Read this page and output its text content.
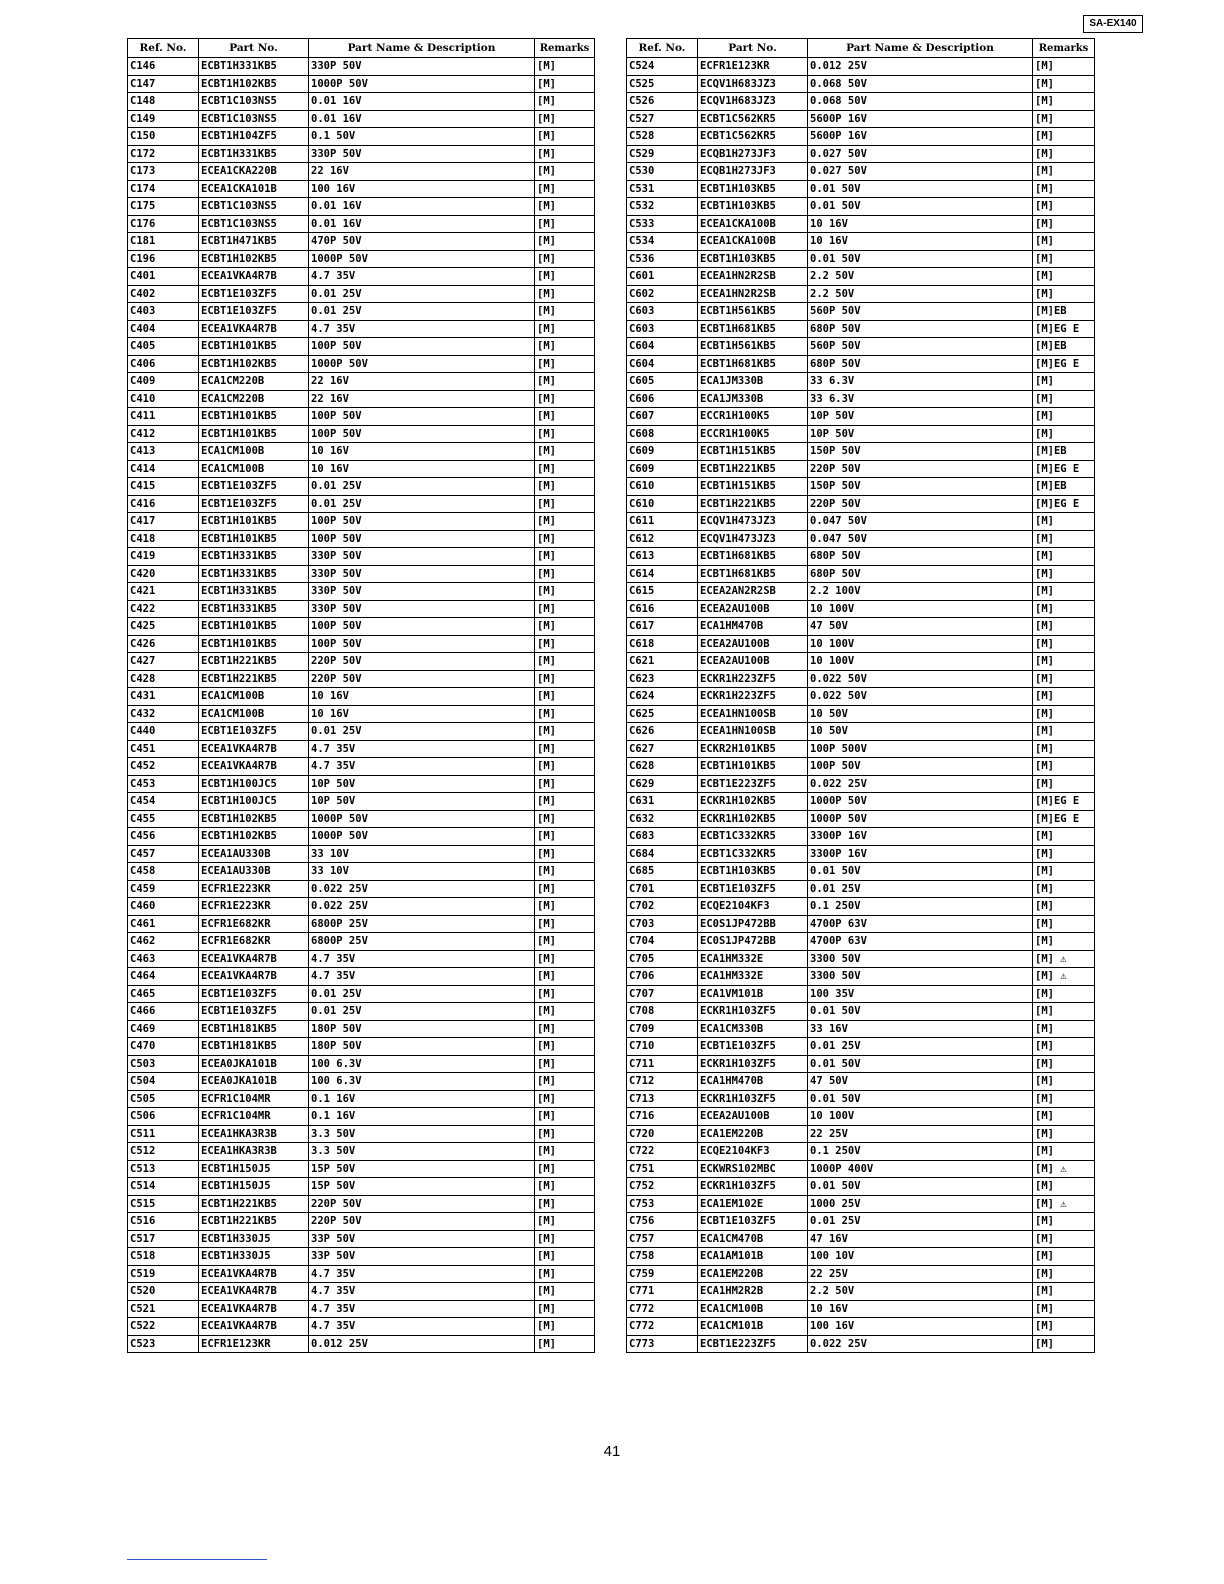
SA-EX140
Ref. No.	Part No.	Part Name & Description	Remarks
C146	ECBT1H331KB5	330P 50V	[M]
C147	ECBT1H102KB5	1000P 50V	[M]
C148	ECBT1C103NS5	0.01 16V	[M]
C149	ECBT1C103NS5	0.01 16V	[M]
C150	ECBT1H104ZF5	0.1 50V	[M]
C172	ECBT1H331KB5	330P 50V	[M]
C173	ECEA1CKA220B	22 16V	[M]
C174	ECEA1CKA101B	100 16V	[M]
C175	ECBT1C103NS5	0.01 16V	[M]
C176	ECBT1C103NS5	0.01 16V	[M]
C181	ECBT1H471KB5	470P 50V	[M]
C196	ECBT1H102KB5	1000P 50V	[M]
C401	ECEA1VKA4R7B	4.7 35V	[M]
C402	ECBT1E103ZF5	0.01 25V	[M]
C403	ECBT1E103ZF5	0.01 25V	[M]
C404	ECEA1VKA4R7B	4.7 35V	[M]
C405	ECBT1H101KB5	100P 50V	[M]
C406	ECBT1H102KB5	1000P 50V	[M]
C409	ECA1CM220B	22 16V	[M]
C410	ECA1CM220B	22 16V	[M]
C411	ECBT1H101KB5	100P 50V	[M]
C412	ECBT1H101KB5	100P 50V	[M]
C413	ECA1CM100B	10 16V	[M]
C414	ECA1CM100B	10 16V	[M]
C415	ECBT1E103ZF5	0.01 25V	[M]
C416	ECBT1E103ZF5	0.01 25V	[M]
C417	ECBT1H101KB5	100P 50V	[M]
C418	ECBT1H101KB5	100P 50V	[M]
C419	ECBT1H331KB5	330P 50V	[M]
C420	ECBT1H331KB5	330P 50V	[M]
C421	ECBT1H331KB5	330P 50V	[M]
C422	ECBT1H331KB5	330P 50V	[M]
C425	ECBT1H101KB5	100P 50V	[M]
C426	ECBT1H101KB5	100P 50V	[M]
C427	ECBT1H221KB5	220P 50V	[M]
C428	ECBT1H221KB5	220P 50V	[M]
C431	ECA1CM100B	10 16V	[M]
C432	ECA1CM100B	10 16V	[M]
C440	ECBT1E103ZF5	0.01 25V	[M]
C451	ECEA1VKA4R7B	4.7 35V	[M]
C452	ECEA1VKA4R7B	4.7 35V	[M]
C453	ECBT1H100JC5	10P 50V	[M]
C454	ECBT1H100JC5	10P 50V	[M]
C455	ECBT1H102KB5	1000P 50V	[M]
C456	ECBT1H102KB5	1000P 50V	[M]
C457	ECEA1AU330B	33 10V	[M]
C458	ECEA1AU330B	33 10V	[M]
C459	ECFR1E223KR	0.022 25V	[M]
C460	ECFR1E223KR	0.022 25V	[M]
C461	ECFR1E682KR	6800P 25V	[M]
C462	ECFR1E682KR	6800P 25V	[M]
C463	ECEA1VKA4R7B	4.7 35V	[M]
C464	ECEA1VKA4R7B	4.7 35V	[M]
C465	ECBT1E103ZF5	0.01 25V	[M]
C466	ECBT1E103ZF5	0.01 25V	[M]
C469	ECBT1H181KB5	180P 50V	[M]
C470	ECBT1H181KB5	180P 50V	[M]
C503	ECEA0JKA101B	100 6.3V	[M]
C504	ECEA0JKA101B	100 6.3V	[M]
C505	ECFR1C104MR	0.1 16V	[M]
C506	ECFR1C104MR	0.1 16V	[M]
C511	ECEA1HKA3R3B	3.3 50V	[M]
C512	ECEA1HKA3R3B	3.3 50V	[M]
C513	ECBT1H150J5	15P 50V	[M]
C514	ECBT1H150J5	15P 50V	[M]
C515	ECBT1H221KB5	220P 50V	[M]
C516	ECBT1H221KB5	220P 50V	[M]
C517	ECBT1H330J5	33P 50V	[M]
C518	ECBT1H330J5	33P 50V	[M]
C519	ECEA1VKA4R7B	4.7 35V	[M]
C520	ECEA1VKA4R7B	4.7 35V	[M]
C521	ECEA1VKA4R7B	4.7 35V	[M]
C522	ECEA1VKA4R7B	4.7 35V	[M]
C523	ECFR1E123KR	0.012 25V	[M]
Ref. No.	Part No.	Part Name & Description	Remarks
C524	ECFR1E123KR	0.012 25V	[M]
C525	ECQV1H683JZ3	0.068 50V	[M]
C526	ECQV1H683JZ3	0.068 50V	[M]
C527	ECBT1C562KR5	5600P 16V	[M]
C528	ECBT1C562KR5	5600P 16V	[M]
C529	ECQB1H273JF3	0.027 50V	[M]
C530	ECQB1H273JF3	0.027 50V	[M]
C531	ECBT1H103KB5	0.01 50V	[M]
C532	ECBT1H103KB5	0.01 50V	[M]
C533	ECEA1CKA100B	10 16V	[M]
C534	ECEA1CKA100B	10 16V	[M]
C536	ECBT1H103KB5	0.01 50V	[M]
C601	ECEA1HN2R2SB	2.2 50V	[M]
C602	ECEA1HN2R2SB	2.2 50V	[M]
C603	ECBT1H561KB5	560P 50V	[M]EB
C603	ECBT1H681KB5	680P 50V	[M]EG E
C604	ECBT1H561KB5	560P 50V	[M]EB
C604	ECBT1H681KB5	680P 50V	[M]EG E
C605	ECA1JM330B	33 6.3V	[M]
C606	ECA1JM330B	33 6.3V	[M]
C607	ECCR1H100K5	10P 50V	[M]
C608	ECCR1H100K5	10P 50V	[M]
C609	ECBT1H151KB5	150P 50V	[M]EB
C609	ECBT1H221KB5	220P 50V	[M]EG E
C610	ECBT1H151KB5	150P 50V	[M]EB
C610	ECBT1H221KB5	220P 50V	[M]EG E
C611	ECQV1H473JZ3	0.047 50V	[M]
C612	ECQV1H473JZ3	0.047 50V	[M]
C613	ECBT1H681KB5	680P 50V	[M]
C614	ECBT1H681KB5	680P 50V	[M]
C615	ECEA2AN2R2SB	2.2 100V	[M]
C616	ECEA2AU100B	10 100V	[M]
C617	ECA1HM470B	47 50V	[M]
C618	ECEA2AU100B	10 100V	[M]
C621	ECEA2AU100B	10 100V	[M]
C623	ECKR1H223ZF5	0.022 50V	[M]
C624	ECKR1H223ZF5	0.022 50V	[M]
C625	ECEA1HN100SB	10 50V	[M]
C626	ECEA1HN100SB	10 50V	[M]
C627	ECKR2H101KB5	100P 500V	[M]
C628	ECBT1H101KB5	100P 50V	[M]
C629	ECBT1E223ZF5	0.022 25V	[M]
C631	ECKR1H102KB5	1000P 50V	[M]EG E
C632	ECKR1H102KB5	1000P 50V	[M]EG E
C683	ECBT1C332KR5	3300P 16V	[M]
C684	ECBT1C332KR5	3300P 16V	[M]
C685	ECBT1H103KB5	0.01 50V	[M]
C701	ECBT1E103ZF5	0.01 25V	[M]
C702	ECQE2104KF3	0.1 250V	[M]
C703	EC0S1JP472BB	4700P 63V	[M]
C704	EC0S1JP472BB	4700P 63V	[M]
C705	ECA1HM332E	3300 50V	[M] ⚠
C706	ECA1HM332E	3300 50V	[M] ⚠
C707	ECA1VM101B	100 35V	[M]
C708	ECKR1H103ZF5	0.01 50V	[M]
C709	ECA1CM330B	33 16V	[M]
C710	ECBT1E103ZF5	0.01 25V	[M]
C711	ECKR1H103ZF5	0.01 50V	[M]
C712	ECA1HM470B	47 50V	[M]
C713	ECKR1H103ZF5	0.01 50V	[M]
C716	ECEA2AU100B	10 100V	[M]
C720	ECA1EM220B	22 25V	[M]
C722	ECQE2104KF3	0.1 250V	[M]
C751	ECKWRS102MBC	1000P 400V	[M] ⚠
C752	ECKR1H103ZF5	0.01 50V	[M]
C753	ECA1EM102E	1000 25V	[M] ⚠
C756	ECBT1E103ZF5	0.01 25V	[M]
C757	ECA1CM470B	47 16V	[M]
C758	ECA1AM101B	100 10V	[M]
C759	ECA1EM220B	22 25V	[M]
C771	ECA1HM2R2B	2.2 50V	[M]
C772	ECA1CM100B	10 16V	[M]
C772	ECA1CM101B	100 16V	[M]
C773	ECBT1E223ZF5	0.022 25V	[M]
41
